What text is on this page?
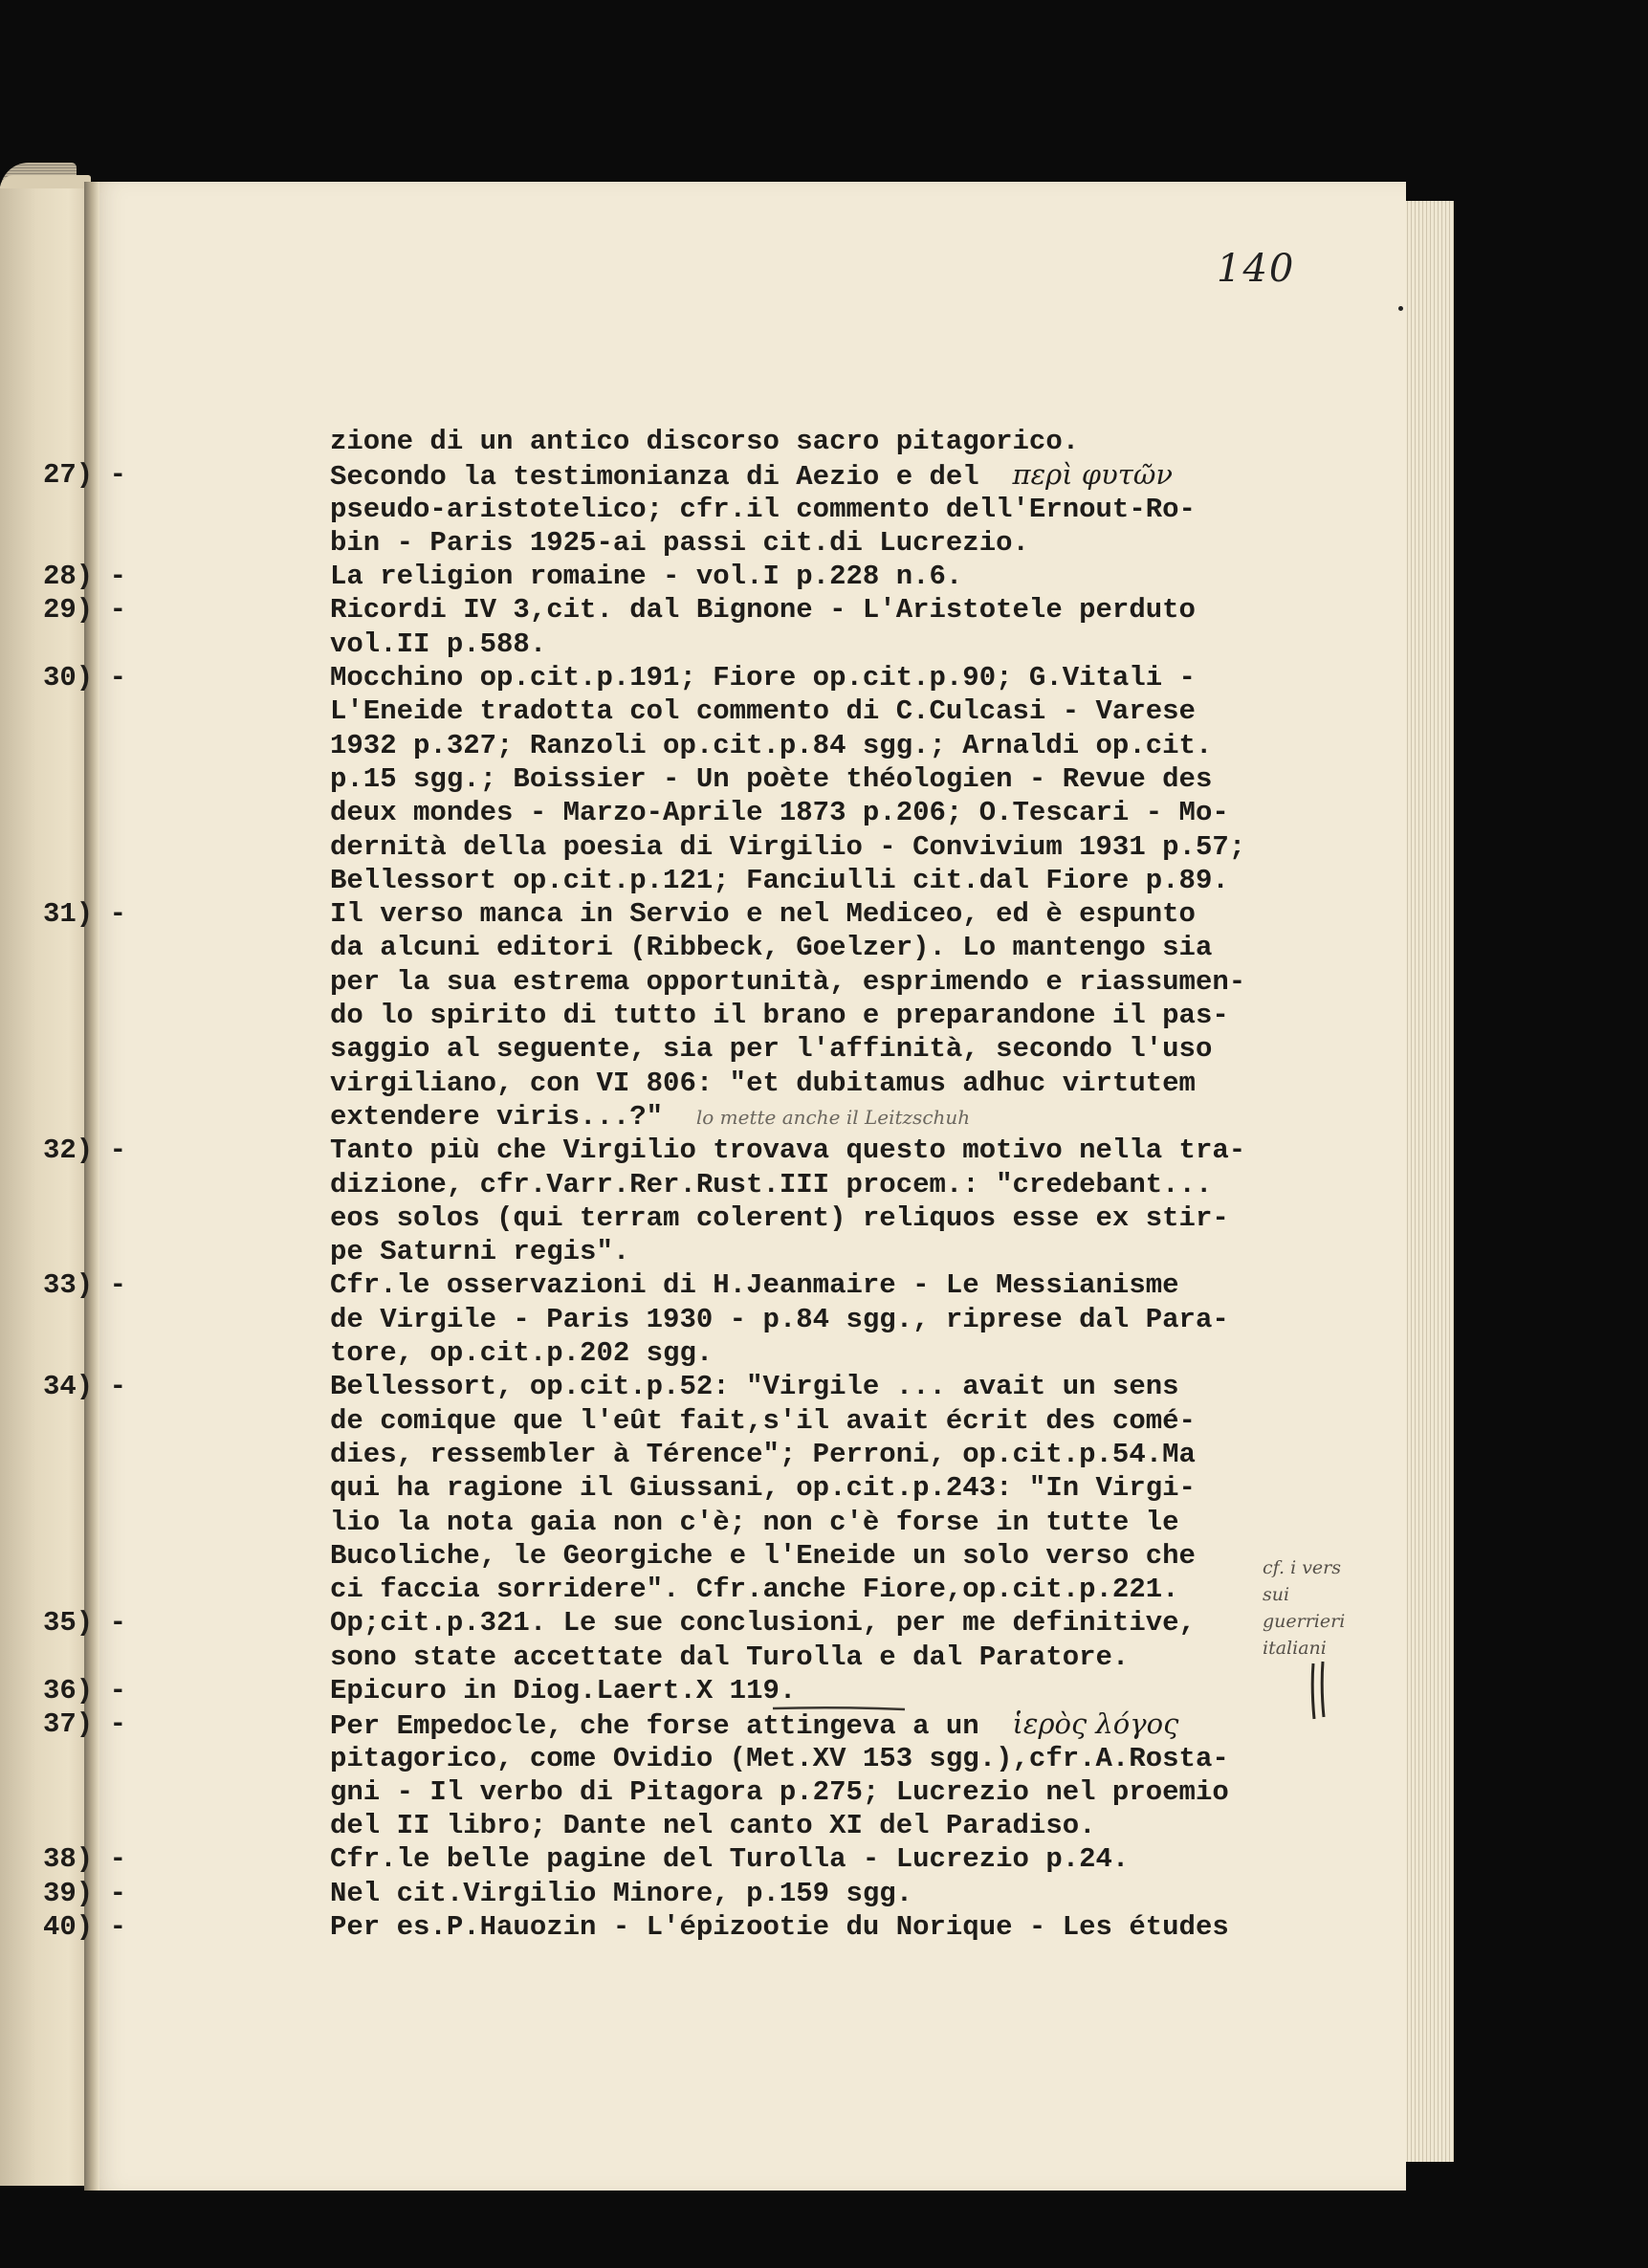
140
zione di un antico discorso sacro pitagorico.
27) -	Secondo la testimonianza di Aezio e del περὶ φυτῶν
pseudo-aristotelico; cfr.il commento dell'Ernout-Ro-
bin - Paris 1925-ai passi cit.di Lucrezio.
28) -	La religion romaine - vol.I p.228 n.6.
29) -	Ricordi IV 3,cit. dal Bignone - L'Aristotele perduto
vol.II p.588.
30) -	Mocchino op.cit.p.191; Fiore op.cit.p.90; G.Vitali -
L'Eneide tradotta col commento di C.Culcasi - Varese
1932 p.327; Ranzoli op.cit.p.84 sgg.; Arnaldi op.cit.
p.15 sgg.; Boissier - Un poète théologien - Revue des
deux mondes - Marzo-Aprile 1873 p.206; O.Tescari - Mo-
dernità della poesia di Virgilio - Convivium 1931 p.57;
Bellessort op.cit.p.121; Fanciulli cit.dal Fiore p.89.
31) -	Il verso manca in Servio e nel Mediceo, ed è espunto
da alcuni editori (Ribbeck, Goelzer). Lo mantengo sia
per la sua estrema opportunità, esprimendo e riassumen-
do lo spirito di tutto il brano e preparandone il pas-
saggio al seguente, sia per l'affinità, secondo l'uso
virgiliano, con VI 806: "et dubitamus adhuc virtutem
extendere viris...?" lo mette anche il Leitzschuh
32) -	Tanto più che Virgilio trovava questo motivo nella tra-
dizione, cfr.Varr.Rer.Rust.III procem.: "credebant...
eos solos (qui terram colerent) reliquos esse ex stir-
pe Saturni regis".
33) -	Cfr.le osservazioni di H.Jeanmaire - Le Messianisme
de Virgile - Paris 1930 - p.84 sgg., riprese dal Para-
tore, op.cit.p.202 sgg.
34) -	Bellessort, op.cit.p.52: "Virgile ... avait un sens
de comique que l'eût fait,s'il avait écrit des comé-
dies, ressembler à Térence"; Perroni, op.cit.p.54.Ma
qui ha ragione il Giussani, op.cit.p.243: "In Virgi-
lio la nota gaia non c'è; non c'è forse in tutte le
Bucoliche, le Georgiche e l'Eneide un solo verso che
ci faccia sorridere". Cfr.anche Fiore,op.cit.p.221.
35) -	Op;cit.p.321. Le sue conclusioni, per me definitive,
sono state accettate dal Turolla e dal Paratore.
36) -	Epicuro in Diog.Laert.X 119.
37) -	Per Empedocle, che forse attingeva a un ἱερὸς λόγος
pitagorico, come Ovidio (Met.XV 153 sgg.),cfr.A.Rosta-
gni - Il verbo di Pitagora p.275; Lucrezio nel proemio
del II libro; Dante nel canto XI del Paradiso.
38) -	Cfr.le belle pagine del Turolla - Lucrezio p.24.
39) -	Nel cit.Virgilio Minore, p.159 sgg.
40) -	Per es.P.Hauozin - L'épizootie du Norique - Les études
cf. i vers
sui guerrieri
italiani
